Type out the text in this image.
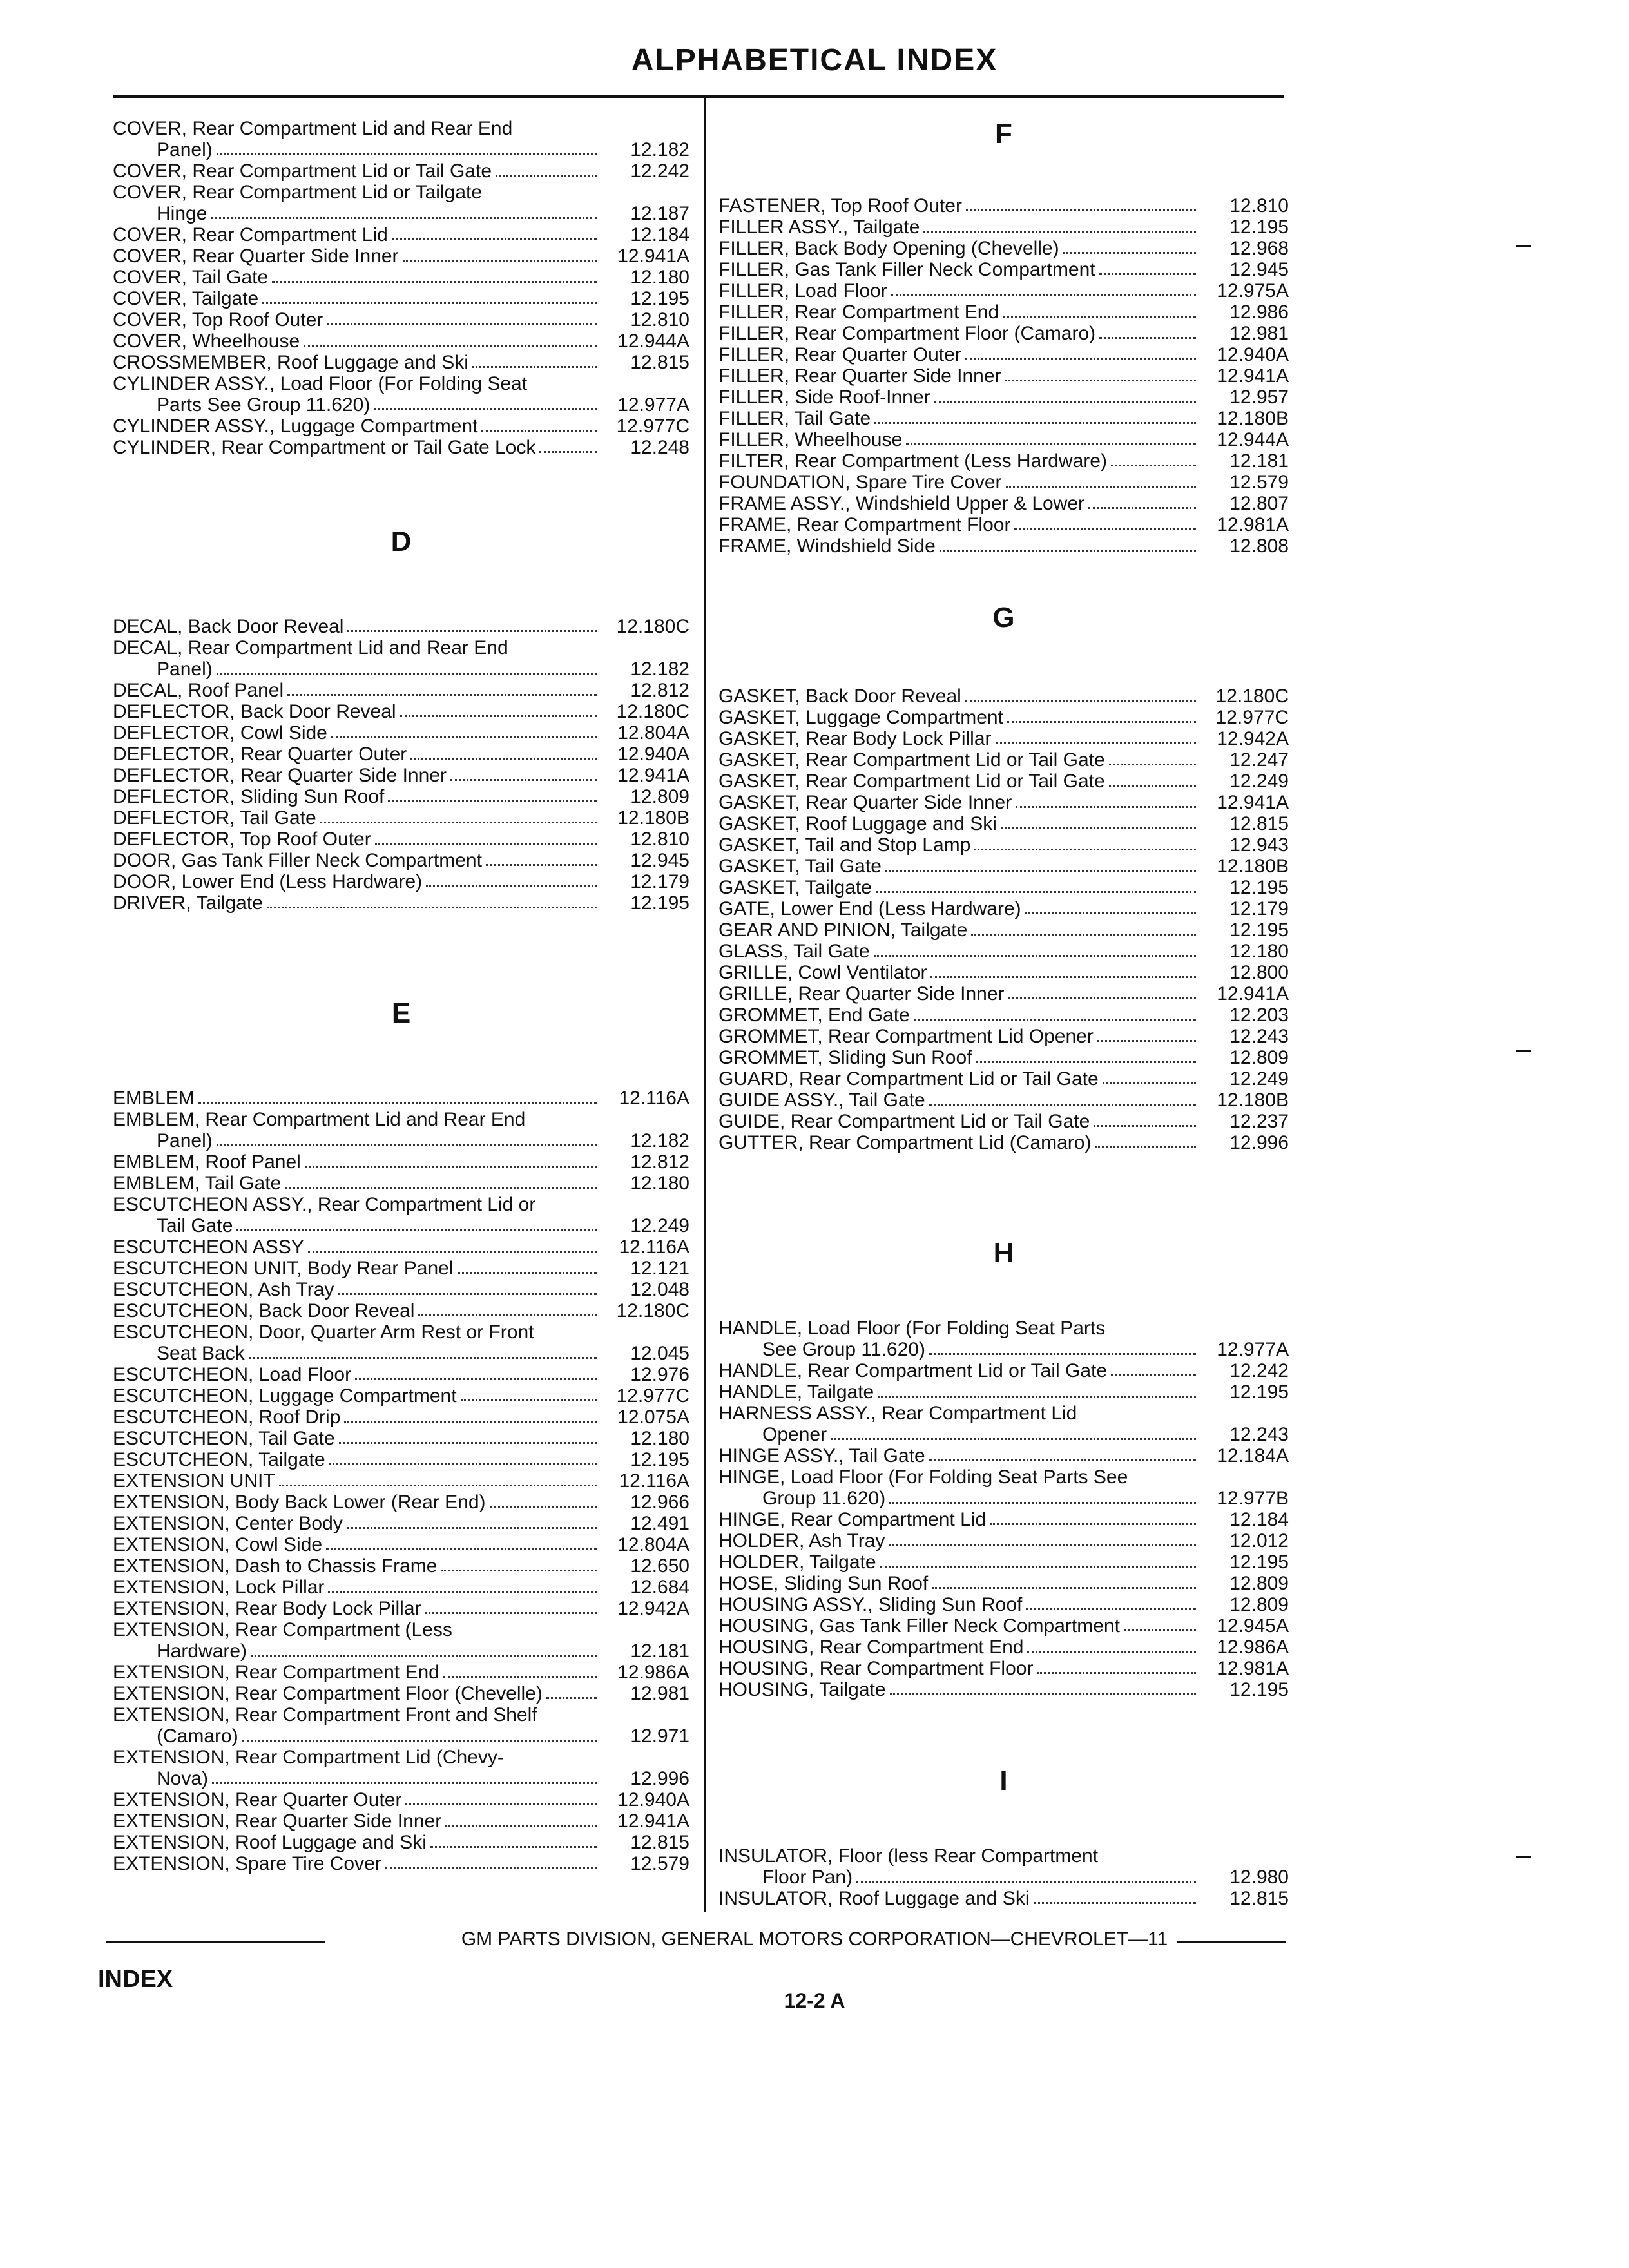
ALPHABETICAL INDEX
COVER, Rear Compartment Lid and Rear End
Panel)	12.182
COVER, Rear Compartment Lid or Tail Gate	12.242
COVER, Rear Compartment Lid or Tailgate
Hinge	12.187
COVER, Rear Compartment Lid	12.184
COVER, Rear Quarter Side Inner	12.941A
COVER, Tail Gate	12.180
COVER, Tailgate	12.195
COVER, Top Roof Outer	12.810
COVER, Wheelhouse	12.944A
CROSSMEMBER, Roof Luggage and Ski	12.815
CYLINDER ASSY., Load Floor (For Folding Seat
Parts See Group 11.620)	12.977A
CYLINDER ASSY., Luggage Compartment	12.977C
CYLINDER, Rear Compartment or Tail Gate Lock	12.248
D
DECAL, Back Door Reveal	12.180C
DECAL, Rear Compartment Lid and Rear End
Panel)	12.182
DECAL, Roof Panel	12.812
DEFLECTOR, Back Door Reveal	12.180C
DEFLECTOR, Cowl Side	12.804A
DEFLECTOR, Rear Quarter Outer	12.940A
DEFLECTOR, Rear Quarter Side Inner	12.941A
DEFLECTOR, Sliding Sun Roof	12.809
DEFLECTOR, Tail Gate	12.180B
DEFLECTOR, Top Roof Outer	12.810
DOOR, Gas Tank Filler Neck Compartment	12.945
DOOR, Lower End (Less Hardware)	12.179
DRIVER, Tailgate	12.195
E
EMBLEM	12.116A
EMBLEM, Rear Compartment Lid and Rear End
Panel)	12.182
EMBLEM, Roof Panel	12.812
EMBLEM, Tail Gate	12.180
ESCUTCHEON ASSY., Rear Compartment Lid or
Tail Gate	12.249
ESCUTCHEON ASSY	12.116A
ESCUTCHEON UNIT, Body Rear Panel	12.121
ESCUTCHEON, Ash Tray	12.048
ESCUTCHEON, Back Door Reveal	12.180C
ESCUTCHEON, Door, Quarter Arm Rest or Front
Seat Back	12.045
ESCUTCHEON, Load Floor	12.976
ESCUTCHEON, Luggage Compartment	12.977C
ESCUTCHEON, Roof Drip	12.075A
ESCUTCHEON, Tail Gate	12.180
ESCUTCHEON, Tailgate	12.195
EXTENSION UNIT	12.116A
EXTENSION, Body Back Lower (Rear End)	12.966
EXTENSION, Center Body	12.491
EXTENSION, Cowl Side	12.804A
EXTENSION, Dash to Chassis Frame	12.650
EXTENSION, Lock Pillar	12.684
EXTENSION, Rear Body Lock Pillar	12.942A
EXTENSION, Rear Compartment (Less
Hardware)	12.181
EXTENSION, Rear Compartment End	12.986A
EXTENSION, Rear Compartment Floor (Chevelle)	12.981
EXTENSION, Rear Compartment Front and Shelf
(Camaro)	12.971
EXTENSION, Rear Compartment Lid (Chevy-
Nova)	12.996
EXTENSION, Rear Quarter Outer	12.940A
EXTENSION, Rear Quarter Side Inner	12.941A
EXTENSION, Roof Luggage and Ski	12.815
EXTENSION, Spare Tire Cover	12.579
F
FASTENER, Top Roof Outer	12.810
FILLER ASSY., Tailgate	12.195
FILLER, Back Body Opening (Chevelle)	12.968
FILLER, Gas Tank Filler Neck Compartment	12.945
FILLER, Load Floor	12.975A
FILLER, Rear Compartment End	12.986
FILLER, Rear Compartment Floor (Camaro)	12.981
FILLER, Rear Quarter Outer	12.940A
FILLER, Rear Quarter Side Inner	12.941A
FILLER, Side Roof-Inner	12.957
FILLER, Tail Gate	12.180B
FILLER, Wheelhouse	12.944A
FILTER, Rear Compartment (Less Hardware)	12.181
FOUNDATION, Spare Tire Cover	12.579
FRAME ASSY., Windshield Upper & Lower	12.807
FRAME, Rear Compartment Floor	12.981A
FRAME, Windshield Side	12.808
G
GASKET, Back Door Reveal	12.180C
GASKET, Luggage Compartment	12.977C
GASKET, Rear Body Lock Pillar	12.942A
GASKET, Rear Compartment Lid or Tail Gate	12.247
GASKET, Rear Compartment Lid or Tail Gate	12.249
GASKET, Rear Quarter Side Inner	12.941A
GASKET, Roof Luggage and Ski	12.815
GASKET, Tail and Stop Lamp	12.943
GASKET, Tail Gate	12.180B
GASKET, Tailgate	12.195
GATE, Lower End (Less Hardware)	12.179
GEAR AND PINION, Tailgate	12.195
GLASS, Tail Gate	12.180
GRILLE, Cowl Ventilator	12.800
GRILLE, Rear Quarter Side Inner	12.941A
GROMMET, End Gate	12.203
GROMMET, Rear Compartment Lid Opener	12.243
GROMMET, Sliding Sun Roof	12.809
GUARD, Rear Compartment Lid or Tail Gate	12.249
GUIDE ASSY., Tail Gate	12.180B
GUIDE, Rear Compartment Lid or Tail Gate	12.237
GUTTER, Rear Compartment Lid (Camaro)	12.996
H
HANDLE, Load Floor (For Folding Seat Parts
See Group 11.620)	12.977A
HANDLE, Rear Compartment Lid or Tail Gate	12.242
HANDLE, Tailgate	12.195
HARNESS ASSY., Rear Compartment Lid
Opener	12.243
HINGE ASSY., Tail Gate	12.184A
HINGE, Load Floor (For Folding Seat Parts See
Group 11.620)	12.977B
HINGE, Rear Compartment Lid	12.184
HOLDER, Ash Tray	12.012
HOLDER, Tailgate	12.195
HOSE, Sliding Sun Roof	12.809
HOUSING ASSY., Sliding Sun Roof	12.809
HOUSING, Gas Tank Filler Neck Compartment	12.945A
HOUSING, Rear Compartment End	12.986A
HOUSING, Rear Compartment Floor	12.981A
HOUSING, Tailgate	12.195
I
INSULATOR, Floor (less Rear Compartment
Floor Pan)	12.980
INSULATOR, Roof Luggage and Ski	12.815
GM PARTS DIVISION, GENERAL MOTORS CORPORATION—CHEVROLET—11
INDEX
12-2 A
